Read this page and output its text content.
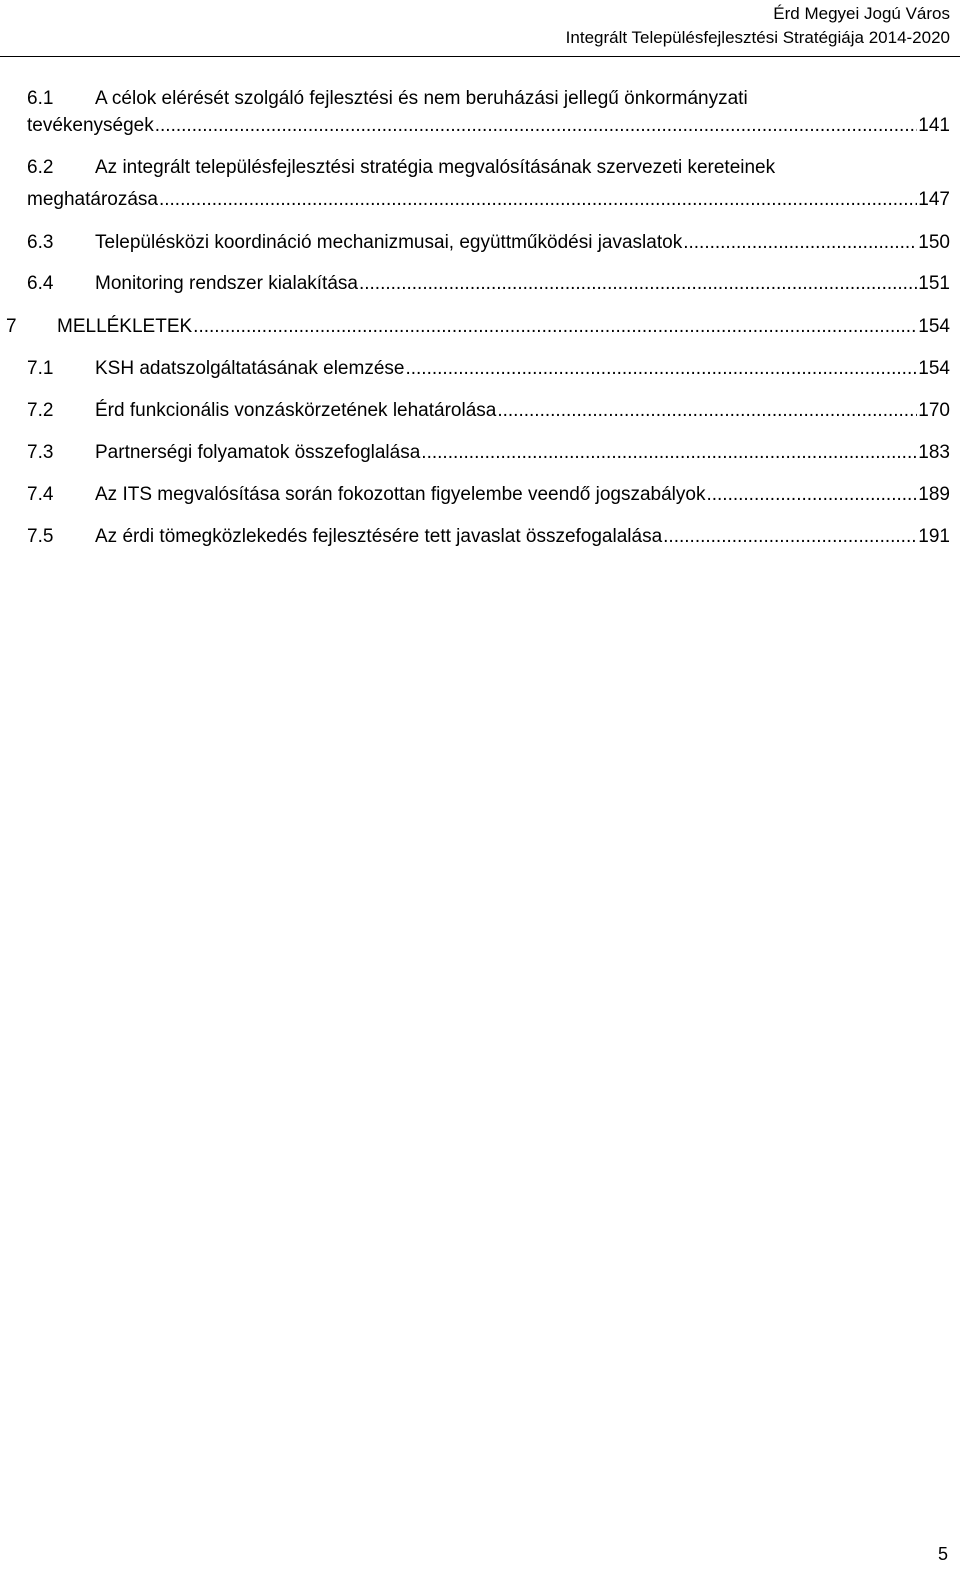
Érd Megyei Jogú Város
Integrált Településfejlesztési Stratégiája 2014-2020
6.1	A célok elérését szolgáló fejlesztési és nem beruházási jellegű önkormányzati
tevékenységek .....	141
6.2	Az integrált településfejlesztési stratégia megvalósításának szervezeti kereteinek
meghatározása .....	147
6.3	Településközi koordináció mechanizmusai, együttműködési javaslatok .....	150
6.4	Monitoring rendszer kialakítása .....	151
7	MELLÉKLETEK .....	154
7.1	KSH adatszolgáltatásának elemzése .....	154
7.2	Érd funkcionális vonzáskörzetének lehatárolása .....	170
7.3	Partnerségi folyamatok összefoglalása .....	183
7.4	Az ITS megvalósítása során fokozottan figyelembe veendő jogszabályok .....	189
7.5	Az érdi tömegközlekedés fejlesztésére tett javaslat összefogalalása .....	191
5
